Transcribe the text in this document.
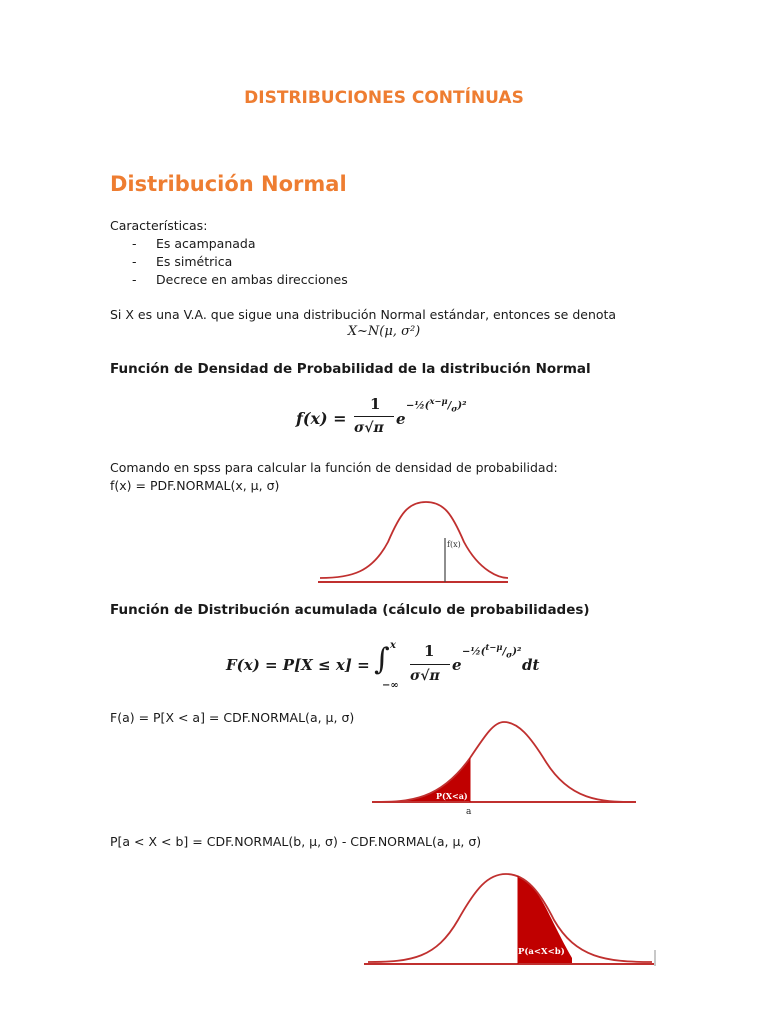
DISTRIBUCIONES CONTÍNUAS
Distribución Normal
Características:
- Es acampanada
- Es simétrica
- Decrece en ambas direcciones
Si X es una V.A. que sigue una distribución Normal estándar, entonces se denota
X~N(μ, σ²)
Función de Densidad de Probabilidad de la distribución Normal
f(x) =
1
σ√π e
$-\frac{1}{2}(^{x-\mu}/_\sigma)^2$
Comando en spss para calcular la función de densidad de probabilidad:
f(x) = PDF.NORMAL(x, μ, σ)
f(x)
Función de Distribución acumulada (cálculo de probabilidades)
F(x) = P[X ≤ x] = ∫ x
−∞
1
σ√π
e
$-\frac{1}{2}(^{t-\mu}/_\sigma)^2$
dt
F(a) = P[X < a] = CDF.NORMAL(a, μ, σ)
P(X<a)
a
P[a < X < b] = CDF.NORMAL(b, μ, σ) - CDF.NORMAL(a, μ, σ)
P(a<X<b)
